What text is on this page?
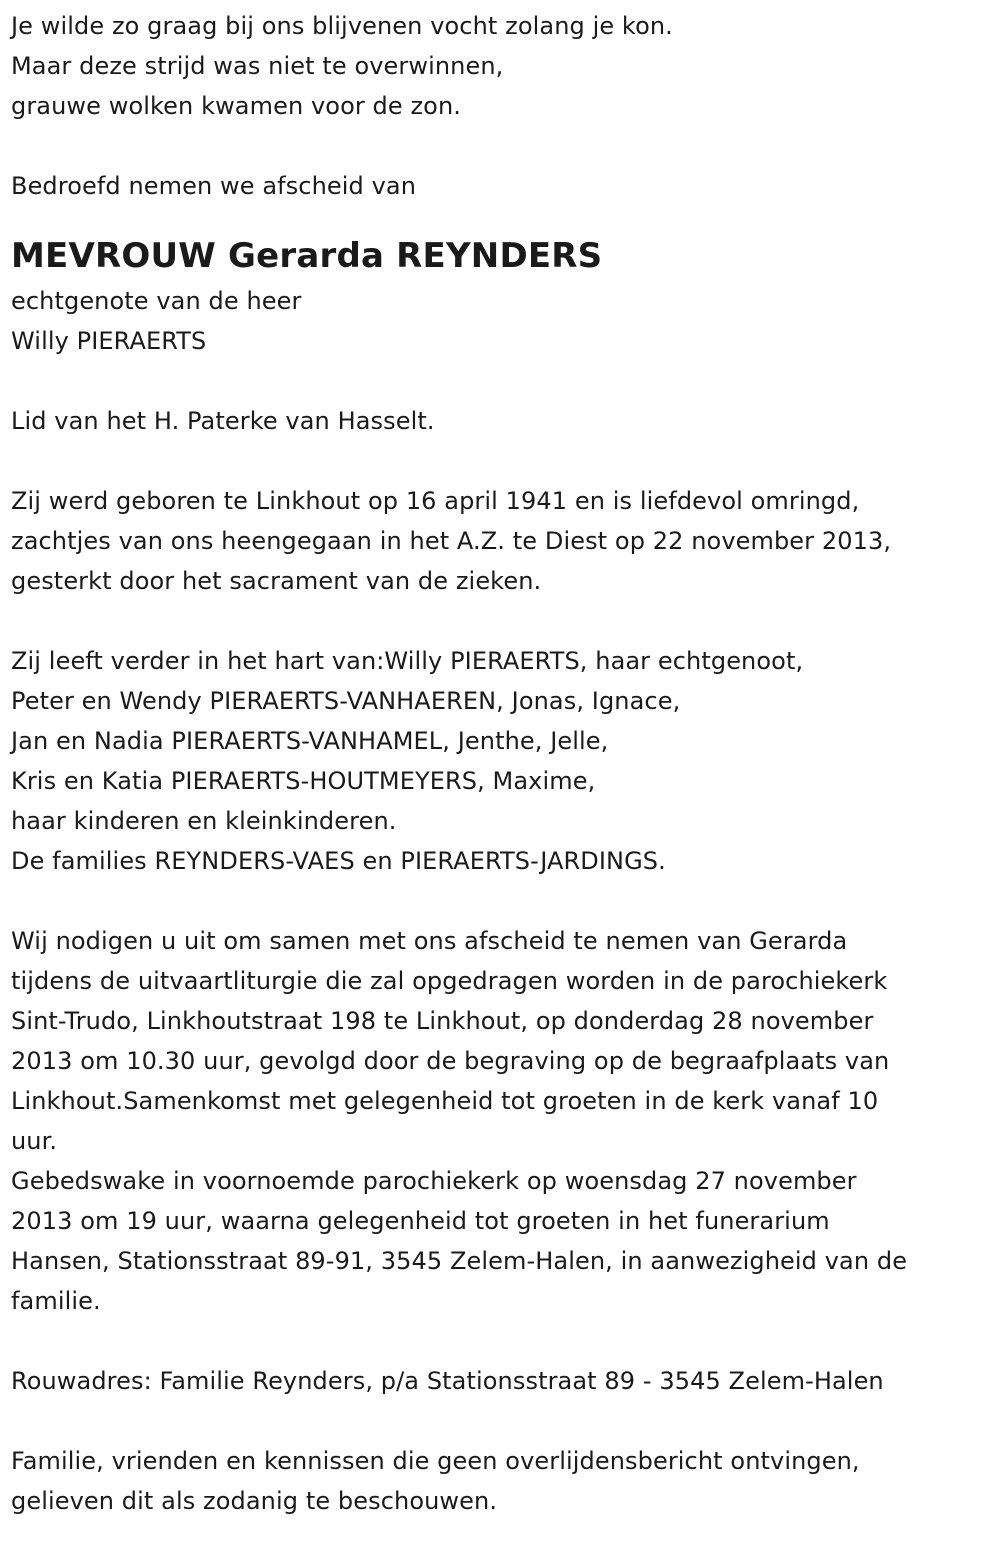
Je wilde zo graag bij ons blijvenen vocht zolang je kon.
Maar deze strijd was niet te overwinnen,
grauwe wolken kwamen voor de zon.
Bedroefd nemen we afscheid van
MEVROUW Gerarda REYNDERS
echtgenote van de heer
Willy PIERAERTS
Lid van het H. Paterke van Hasselt.
Zij werd geboren te Linkhout op 16 april 1941 en is liefdevol omringd,
zachtjes van ons heengegaan in het A.Z. te Diest op 22 november 2013,
gesterkt door het sacrament van de zieken.
Zij leeft verder in het hart van:Willy PIERAERTS, haar echtgenoot,
Peter en Wendy PIERAERTS-VANHAEREN, Jonas, Ignace,
Jan en Nadia PIERAERTS-VANHAMEL, Jenthe, Jelle,
Kris en Katia PIERAERTS-HOUTMEYERS, Maxime,
haar kinderen en kleinkinderen.
De families REYNDERS-VAES en PIERAERTS-JARDINGS.
Wij nodigen u uit om samen met ons afscheid te nemen van Gerarda
tijdens de uitvaartliturgie die zal opgedragen worden in de parochiekerk
Sint-Trudo, Linkhoutstraat 198 te Linkhout, op donderdag 28 november
2013 om 10.30 uur, gevolgd door de begraving op de begraafplaats van
Linkhout.Samenkomst met gelegenheid tot groeten in de kerk vanaf 10
uur.
Gebedswake in voornoemde parochiekerk op woensdag 27 november
2013 om 19 uur, waarna gelegenheid tot groeten in het funerarium
Hansen, Stationsstraat 89-91, 3545 Zelem-Halen, in aanwezigheid van de
familie.
Rouwadres: Familie Reynders, p/a Stationsstraat 89 - 3545 Zelem-Halen
Familie, vrienden en kennissen die geen overlijdensbericht ontvingen,
gelieven dit als zodanig te beschouwen.
